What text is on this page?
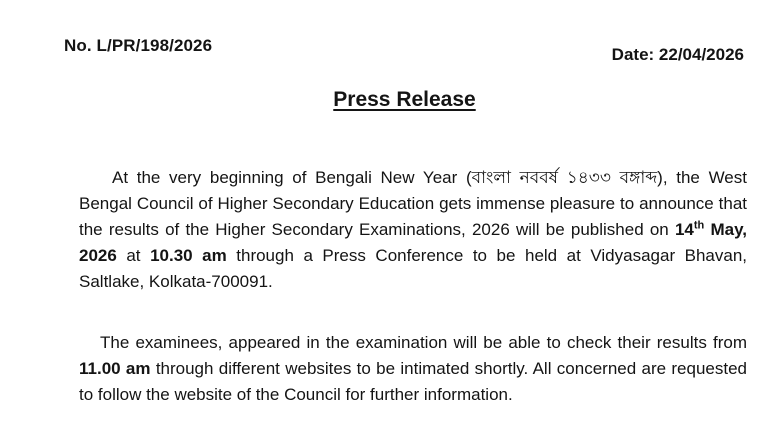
No. L/PR/198/2026	Date: 22/04/2026
Press Release

At the very beginning of Bengali New Year (বাংলা নববর্ষ ১৪৩৩ বঙ্গাব্দ), the West Bengal Council of Higher Secondary Education gets immense pleasure to announce that the results of the Higher Secondary Examinations, 2026 will be published on 14th May, 2026 at 10.30 am through a Press Conference to be held at Vidyasagar Bhavan, Saltlake, Kolkata-700091.

The examinees, appeared in the examination will be able to check their results from 11.00 am through different websites to be intimated shortly. All concerned are requested to follow the website of the Council for further information.
